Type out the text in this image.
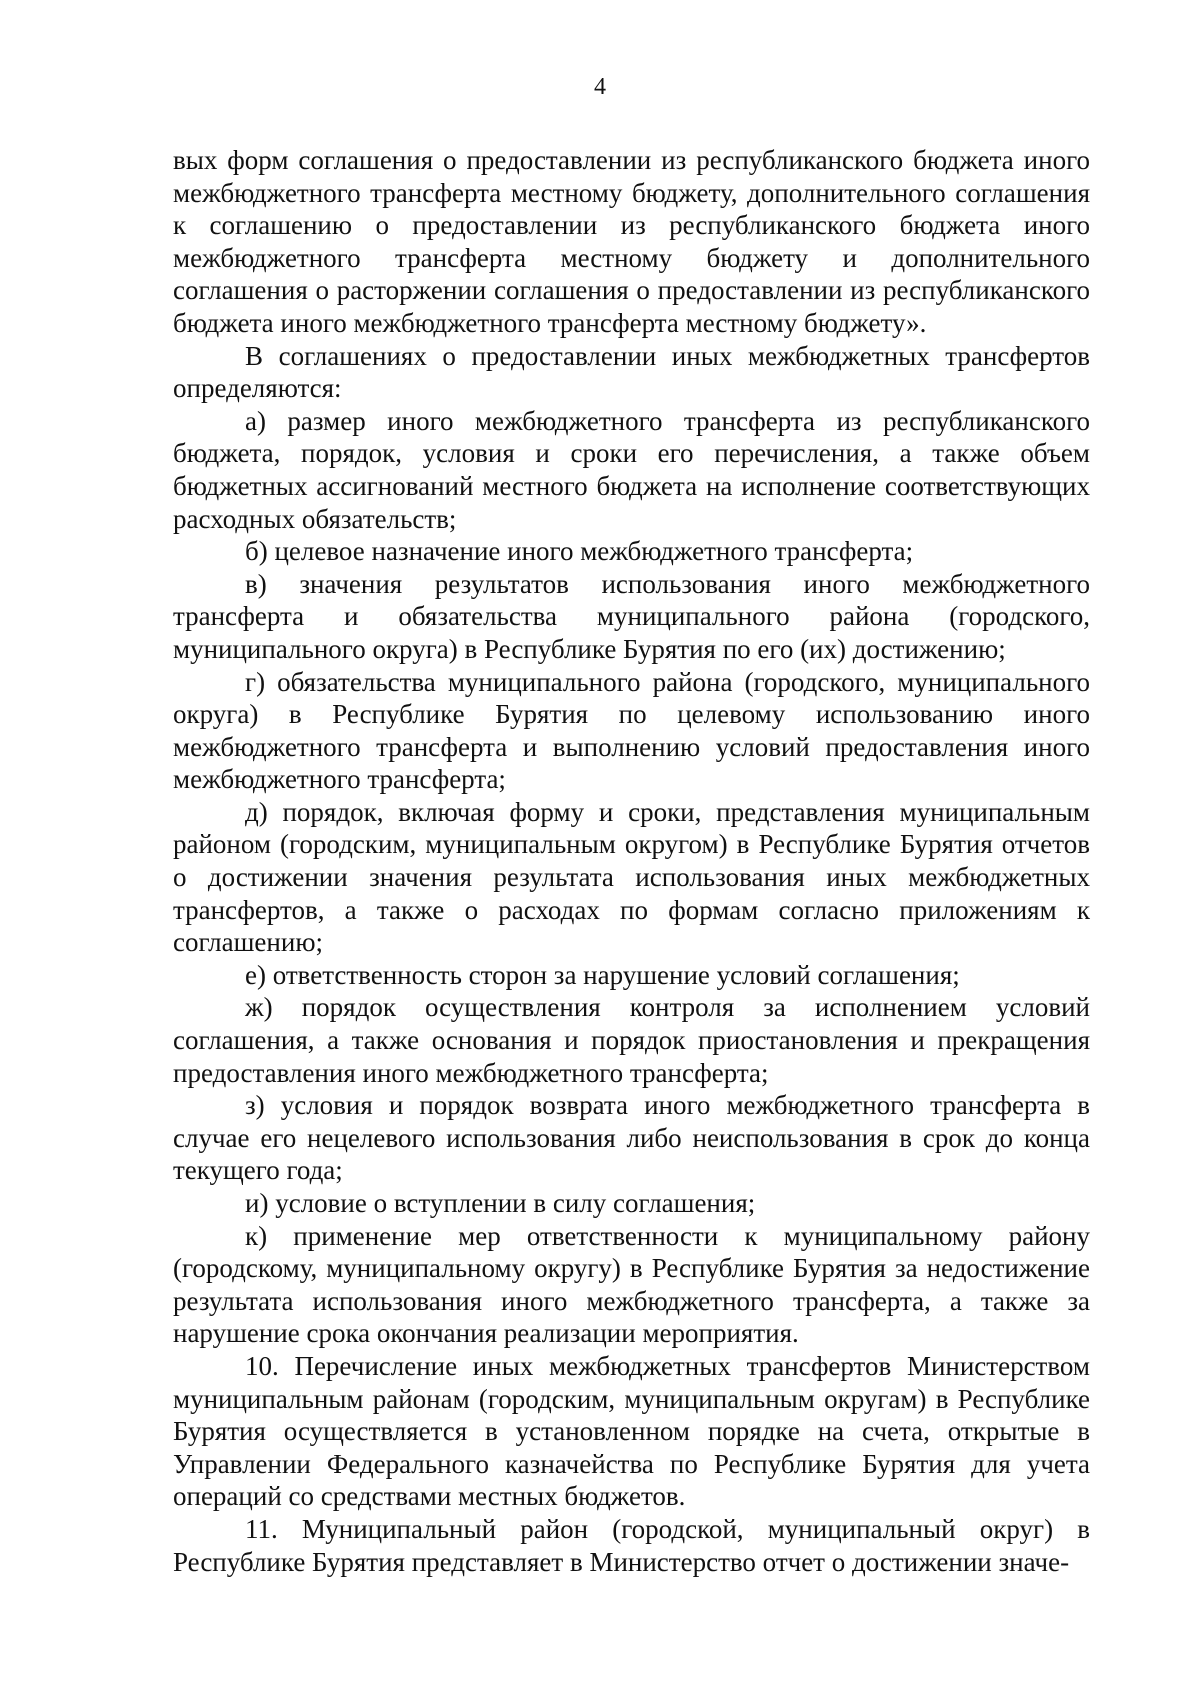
4

вых форм соглашения о предоставлении из республиканского бюджета иного межбюджетного трансферта местному бюджету, дополнительного соглашения к соглашению о предоставлении из республиканского бюджета иного межбюджетного трансферта местному бюджету и дополнительного соглашения о расторжении соглашения о предоставлении из республиканского бюджета иного межбюджетного трансферта местному бюджету».

В соглашениях о предоставлении иных межбюджетных трансфертов определяются:

а) размер иного межбюджетного трансферта из республиканского бюджета, порядок, условия и сроки его перечисления, а также объем бюджетных ассигнований местного бюджета на исполнение соответствующих расходных обязательств;

б) целевое назначение иного межбюджетного трансферта;

в) значения результатов использования иного межбюджетного трансферта и обязательства муниципального района (городского, муниципального округа) в Республике Бурятия по его (их) достижению;

г) обязательства муниципального района (городского, муниципального округа) в Республике Бурятия по целевому использованию иного межбюджетного трансферта и выполнению условий предоставления иного межбюджетного трансферта;

д) порядок, включая форму и сроки, представления муниципальным районом (городским, муниципальным округом) в Республике Бурятия отчетов о достижении значения результата использования иных межбюджетных трансфертов, а также о расходах по формам согласно приложениям к соглашению;

е) ответственность сторон за нарушение условий соглашения;

ж) порядок осуществления контроля за исполнением условий соглашения, а также основания и порядок приостановления и прекращения предоставления иного межбюджетного трансферта;

з) условия и порядок возврата иного межбюджетного трансферта в случае его нецелевого использования либо неиспользования в срок до конца текущего года;

и) условие о вступлении в силу соглашения;

к) применение мер ответственности к муниципальному району (городскому, муниципальному округу) в Республике Бурятия за недостижение результата использования иного межбюджетного трансферта, а также за нарушение срока окончания реализации мероприятия.

10. Перечисление иных межбюджетных трансфертов Министерством муниципальным районам (городским, муниципальным округам) в Республике Бурятия осуществляется в установленном порядке на счета, открытые в Управлении Федерального казначейства по Республике Бурятия для учета операций со средствами местных бюджетов.

11. Муниципальный район (городской, муниципальный округ) в Республике Бурятия представляет в Министерство отчет о достижении значе-
